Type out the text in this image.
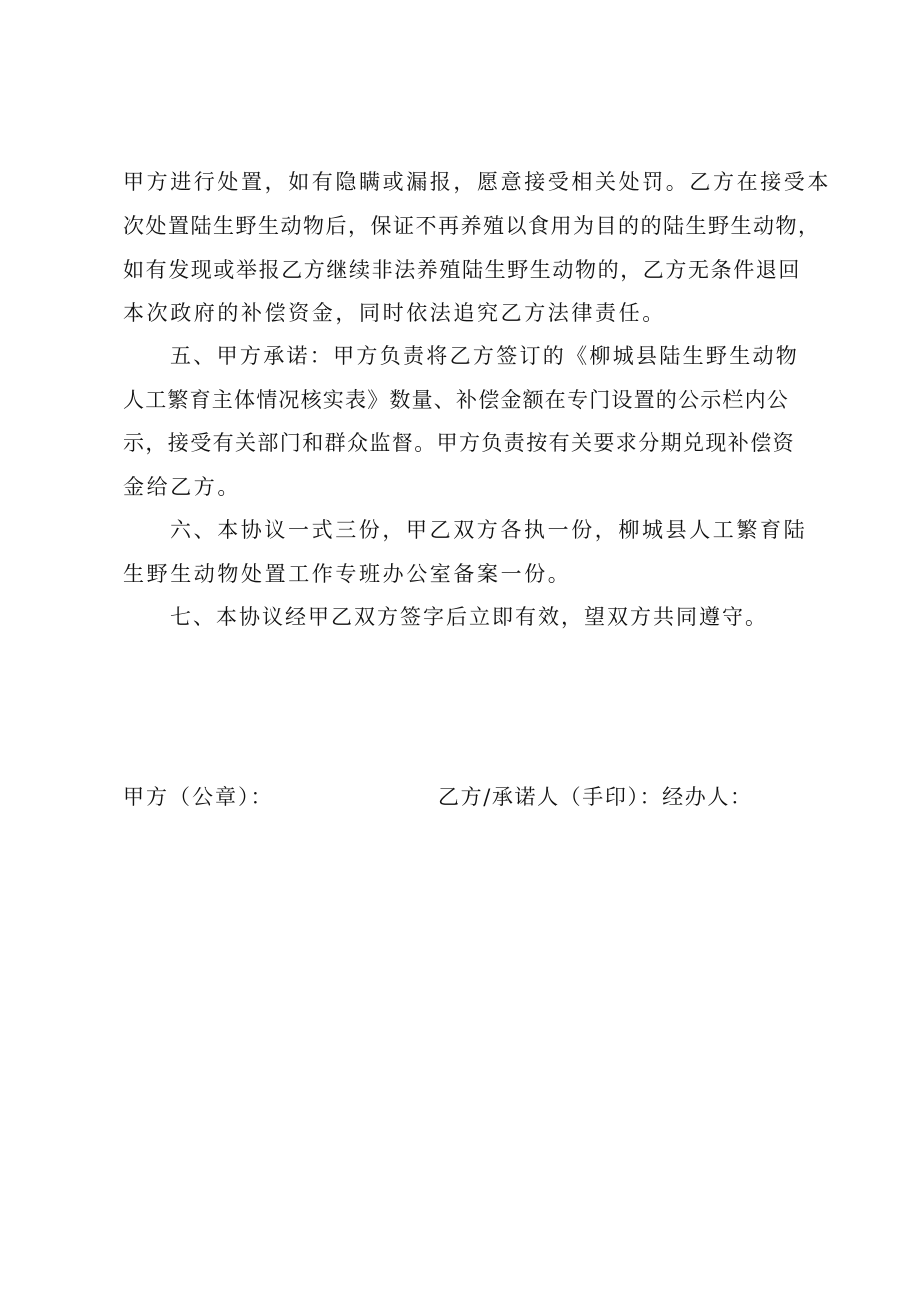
甲方进行处置，如有隐瞒或漏报，愿意接受相关处罚。乙方在接受本
次处置陆生野生动物后，保证不再养殖以食用为目的的陆生野生动物，
如有发现或举报乙方继续非法养殖陆生野生动物的，乙方无条件退回
本次政府的补偿资金，同时依法追究乙方法律责任。
五、甲方承诺：甲方负责将乙方签订的《柳城县陆生野生动物
人工繁育主体情况核实表》数量、补偿金额在专门设置的公示栏内公
示，接受有关部门和群众监督。甲方负责按有关要求分期兑现补偿资
金给乙方。
六、本协议一式三份，甲乙双方各执一份，柳城县人工繁育陆
生野生动物处置工作专班办公室备案一份。
七、本协议经甲乙双方签字后立即有效，望双方共同遵守。
甲方（公章）：	乙方/承诺人（手印）：经办人：
